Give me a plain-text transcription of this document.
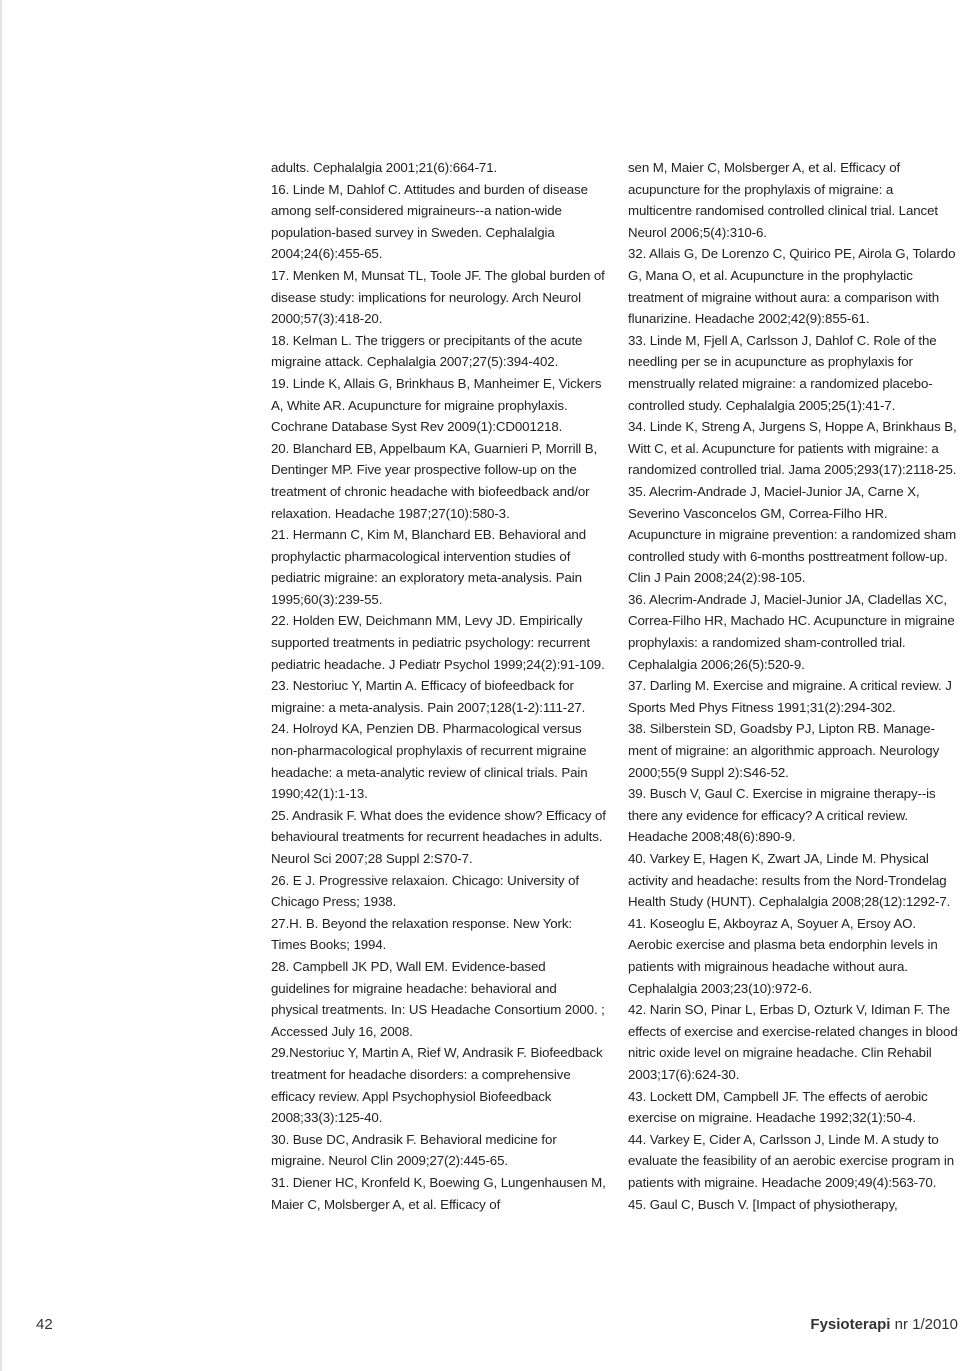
adults. Cephalalgia 2001;21(6):664-71.
16. Linde M, Dahlof C. Attitudes and burden of disease among self-considered migraineurs--a nation-wide population-based survey in Sweden. Cephalalgia 2004;24(6):455-65.
17. Menken M, Munsat TL, Toole JF. The global burden of disease study: implications for neurology. Arch Neurol 2000;57(3):418-20.
18. Kelman L. The triggers or precipitants of the acute migraine attack. Cephalalgia 2007;27(5):394-402.
19. Linde K, Allais G, Brinkhaus B, Manheimer E, Vickers A, White AR. Acupuncture for migraine prophylaxis. Cochrane Database Syst Rev 2009(1):CD001218.
20. Blanchard EB, Appelbaum KA, Guarnieri P, Morrill B, Dentinger MP. Five year prospective follow-up on the treatment of chronic headache with biofeedback and/or relaxation. Headache 1987;27(10):580-3.
21. Hermann C, Kim M, Blanchard EB. Behavioral and prophylactic pharmacological intervention studies of pediatric migraine: an exploratory meta-analysis. Pain 1995;60(3):239-55.
22. Holden EW, Deichmann MM, Levy JD. Empirically supported treatments in pediatric psychology: recurrent pediatric headache. J Pediatr Psychol 1999;24(2):91-109.
23. Nestoriuc Y, Martin A. Efficacy of biofeedback for migraine: a meta-analysis. Pain 2007;128(1-2):111-27.
24. Holroyd KA, Penzien DB. Pharmacological versus non-pharmacological prophylaxis of recurrent migraine headache: a meta-analytic review of clinical trials. Pain 1990;42(1):1-13.
25. Andrasik F. What does the evidence show? Efficacy of behavioural treatments for recurrent headaches in adults. Neurol Sci 2007;28 Suppl 2:S70-7.
26. E J. Progressive relaxaion. Chicago: University of Chicago Press; 1938.
27.H. B. Beyond the relaxation response. New York: Times Books; 1994.
28. Campbell JK PD, Wall EM. Evidence-based guidelines for migraine headache: behavioral and physical treatments. In: US Headache Consortium 2000. ; Accessed July 16, 2008.
29.Nestoriuc Y, Martin A, Rief W, Andrasik F. Biofeedback treatment for headache disorders: a comprehensive efficacy review. Appl Psychophysiol Biofeedback 2008;33(3):125-40.
30. Buse DC, Andrasik F. Behavioral medicine for migraine. Neurol Clin 2009;27(2):445-65.
31. Diener HC, Kronfeld K, Boewing G, Lungenhausen M, Maier C, Molsberger A, et al. Efficacy of
sen M, Maier C, Molsberger A, et al. Efficacy of acupuncture for the prophylaxis of migraine: a multicentre randomised controlled clinical trial. Lancet Neurol 2006;5(4):310-6.
32. Allais G, De Lorenzo C, Quirico PE, Airola G, Tolardo G, Mana O, et al. Acupuncture in the prophylactic treatment of migraine without aura: a comparison with flunarizine. Headache 2002;42(9):855-61.
33. Linde M, Fjell A, Carlsson J, Dahlof C. Role of the needling per se in acupuncture as prophylaxis for menstrually related migraine: a randomized placebo-controlled study. Cephalalgia 2005;25(1):41-7.
34. Linde K, Streng A, Jurgens S, Hoppe A, Brinkhaus B, Witt C, et al. Acupuncture for patients with migraine: a randomized controlled trial. Jama 2005;293(17):2118-25.
35. Alecrim-Andrade J, Maciel-Junior JA, Carne X, Severino Vasconcelos GM, Correa-Filho HR. Acupuncture in migraine prevention: a randomized sham controlled study with 6-months posttreatment follow-up. Clin J Pain 2008;24(2):98-105.
36. Alecrim-Andrade J, Maciel-Junior JA, Cladellas XC, Correa-Filho HR, Machado HC. Acupuncture in migraine prophylaxis: a randomized sham-controlled trial. Cephalalgia 2006;26(5):520-9.
37. Darling M. Exercise and migraine. A critical review. J Sports Med Phys Fitness 1991;31(2):294-302.
38. Silberstein SD, Goadsby PJ, Lipton RB. Management of migraine: an algorithmic approach. Neurology 2000;55(9 Suppl 2):S46-52.
39. Busch V, Gaul C. Exercise in migraine therapy--is there any evidence for efficacy? A critical review. Headache 2008;48(6):890-9.
40. Varkey E, Hagen K, Zwart JA, Linde M. Physical activity and headache: results from the Nord-Trondelag Health Study (HUNT). Cephalalgia 2008;28(12):1292-7.
41. Koseoglu E, Akboyraz A, Soyuer A, Ersoy AO. Aerobic exercise and plasma beta endorphin levels in patients with migrainous headache without aura. Cephalalgia 2003;23(10):972-6.
42. Narin SO, Pinar L, Erbas D, Ozturk V, Idiman F. The effects of exercise and exercise-related changes in blood nitric oxide level on migraine headache. Clin Rehabil 2003;17(6):624-30.
43. Lockett DM, Campbell JF. The effects of aerobic exercise on migraine. Headache 1992;32(1):50-4.
44. Varkey E, Cider A, Carlsson J, Linde M. A study to evaluate the feasibility of an aerobic exercise program in patients with migraine. Headache 2009;49(4):563-70.
45. Gaul C, Busch V. [Impact of physiotherapy,
42	Fysioterapi nr 1/2010
